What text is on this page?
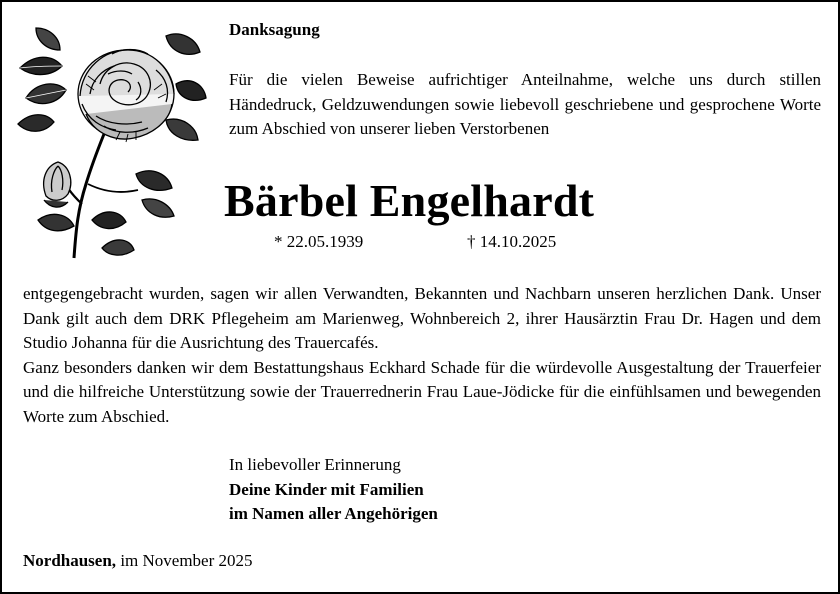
Danksagung
Für die vielen Beweise aufrichtiger Anteilnahme, welche uns durch stillen Händedruck, Geldzuwendungen sowie liebevoll geschriebene und gesprochene Worte zum Abschied von unserer lieben Verstorbenen
Bärbel Engelhardt
* 22.05.1939	† 14.10.2025

entgegengebracht wurden, sagen wir allen Verwandten, Bekannten und Nachbarn unseren herzlichen Dank. Unser Dank gilt auch dem DRK Pflegeheim am Marienweg, Wohnbereich 2, ihrer Hausärztin Frau Dr. Hagen und dem Studio Johanna für die Ausrichtung des Trauercafés.

Ganz besonders danken wir dem Bestattungshaus Eckhard Schade für die würdevolle Ausgestaltung der Trauerfeier und die hilfreiche Unterstützung sowie der Trauerrednerin Frau Laue-Jödicke für die einfühlsamen und bewegenden Worte zum Abschied.

In liebevoller Erinnerung
Deine Kinder mit Familien
im Namen aller Angehörigen
Nordhausen, im November 2025
